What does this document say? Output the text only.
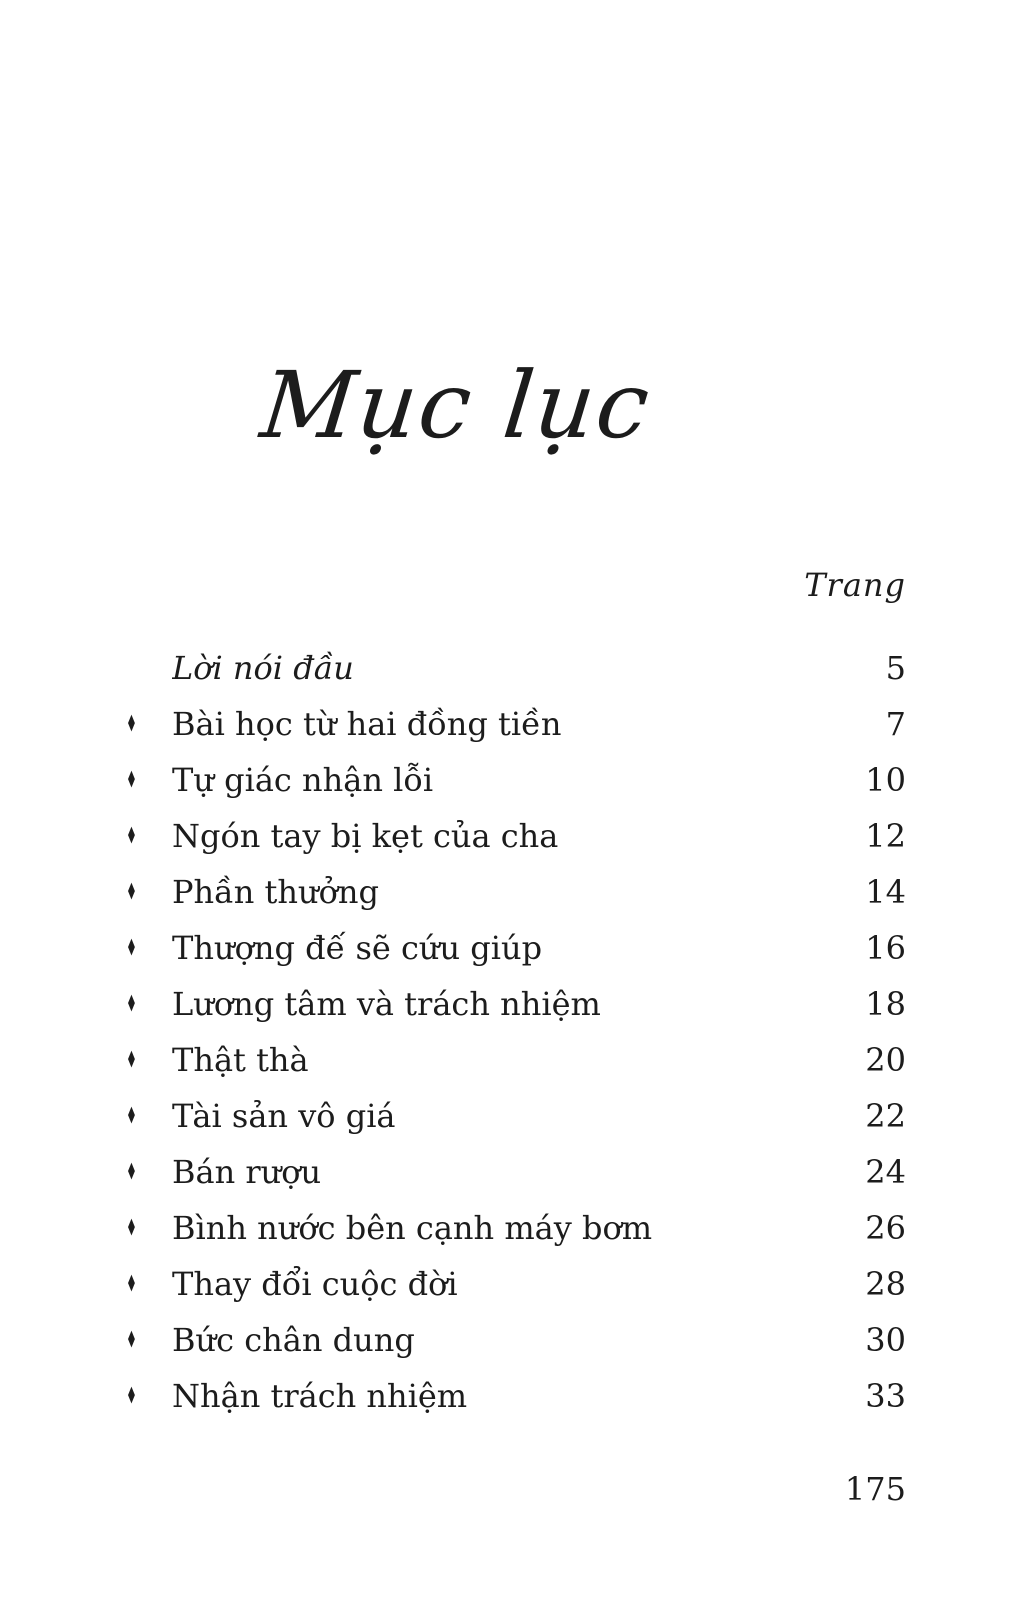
Mục lục
Trang
Lời nói đầu	5
♦ Bài học từ hai đồng tiền	7
♦ Tự giác nhận lỗi	10
♦ Ngón tay bị kẹt của cha	12
♦ Phần thưởng	14
♦ Thượng đế sẽ cứu giúp	16
♦ Lương tâm và trách nhiệm	18
♦ Thật thà	20
♦ Tài sản vô giá	22
♦ Bán rượu	24
♦ Bình nước bên cạnh máy bơm	26
♦ Thay đổi cuộc đời	28
♦ Bức chân dung	30
♦ Nhận trách nhiệm	33
175
